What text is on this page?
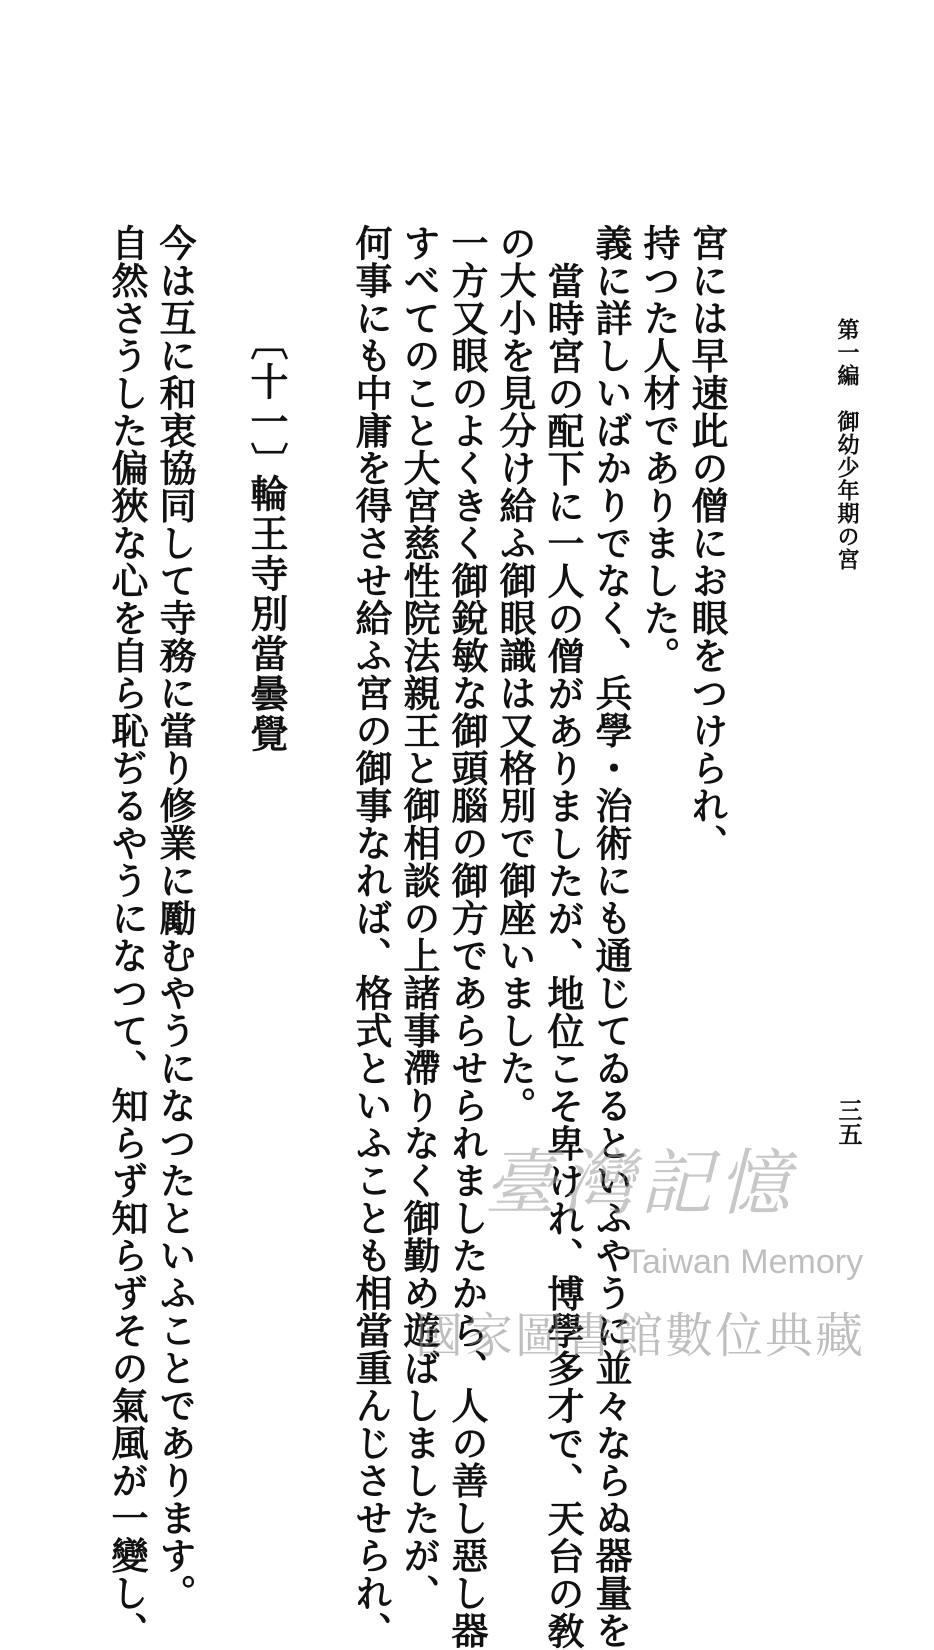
自然さうした偏狹な心を自ら恥ぢるやうになつて、知らず知らずその氣風が一變し、 今は互に和衷協同して寺務に當り修業に勵むやうになつたといふことであります。 〔十一〕
輪王寺別當曇覺 何事にも中庸を得させ給ふ宮の御事なれば、格式といふことも相當重んじさせられ、 すべてのこと大宮慈性院法親王と御相談の上諸事滯りなく御勤め遊ばしましたが、 一方又眼のよくきく御銳敏な御頭腦の御方であらせられましたから、人の善し惡し器 の大小を見分け給ふ御眼識は又格別で御座いました。 當時宮の配下に一人の僧がありましたが、地位こそ卑けれ、博學多才で、天台の敎 義に詳しいばかりでなく、兵學・治術にも通じてゐるといふやうに並々ならぬ器量を 持つた人材でありました。 宮には早速此の僧にお眼をつけられ、	第一編　御幼少年期の宮
三五
臺灣記憶
Taiwan Memory
國家圖書館數位典藏
